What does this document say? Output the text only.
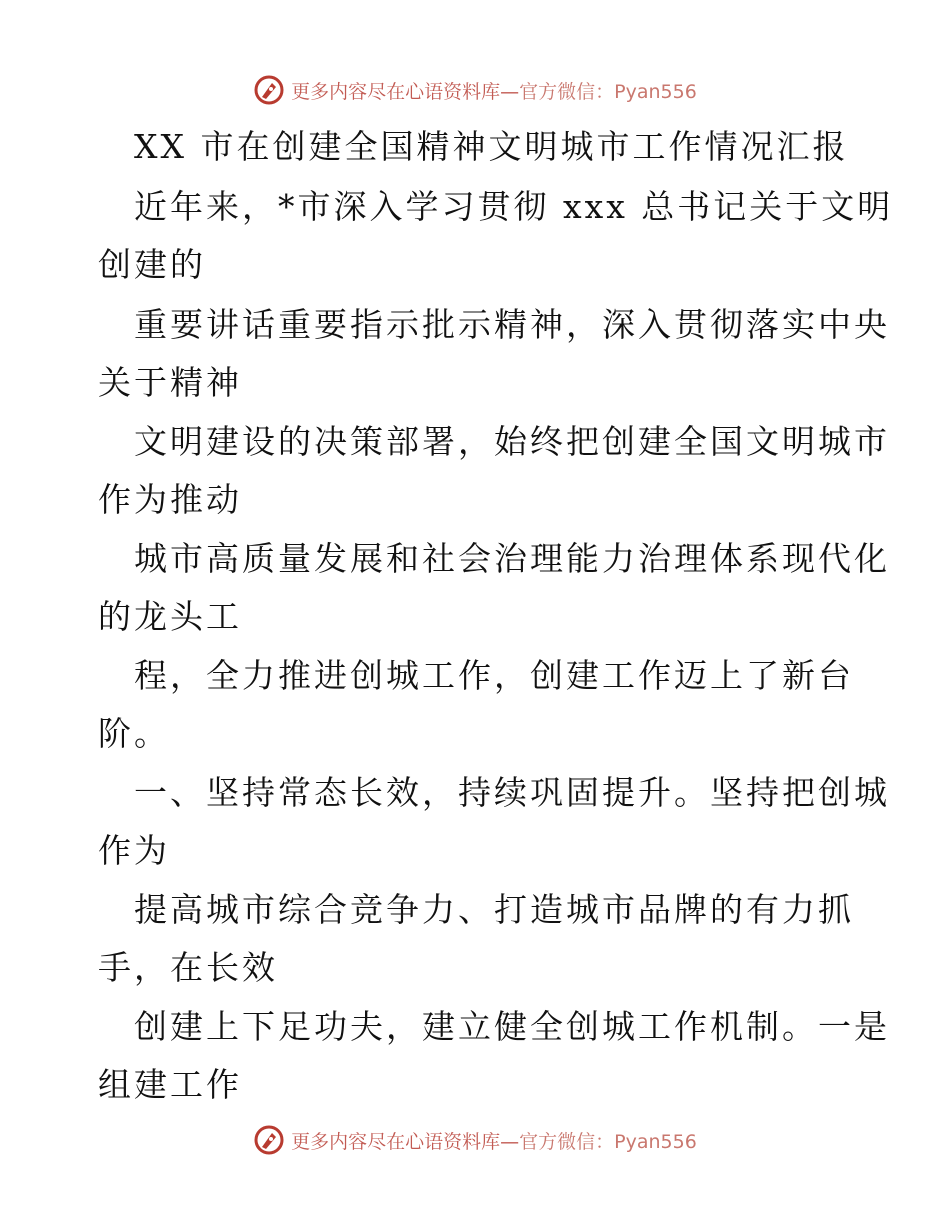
更多内容尽在心语资料库— 官方微信：Pyan556
XX 市在创建全国精神文明城市工作情况汇报
近年来，*市深入学习贯彻 xxx 总书记关于文明
创建的
重要讲话重要指示批示精神，深入贯彻落实中央
关于精神
文明建设的决策部署，始终把创建全国文明城市
作为推动
城市高质量发展和社会治理能力治理体系现代化
的龙头工
程，全力推进创城工作，创建工作迈上了新台
阶。
一、坚持常态长效，持续巩固提升。坚持把创城
作为
提高城市综合竞争力、打造城市品牌的有力抓
手，在长效
创建上下足功夫，建立健全创城工作机制。一是
组建工作
更多内容尽在心语资料库— 官方微信：Pyan556
